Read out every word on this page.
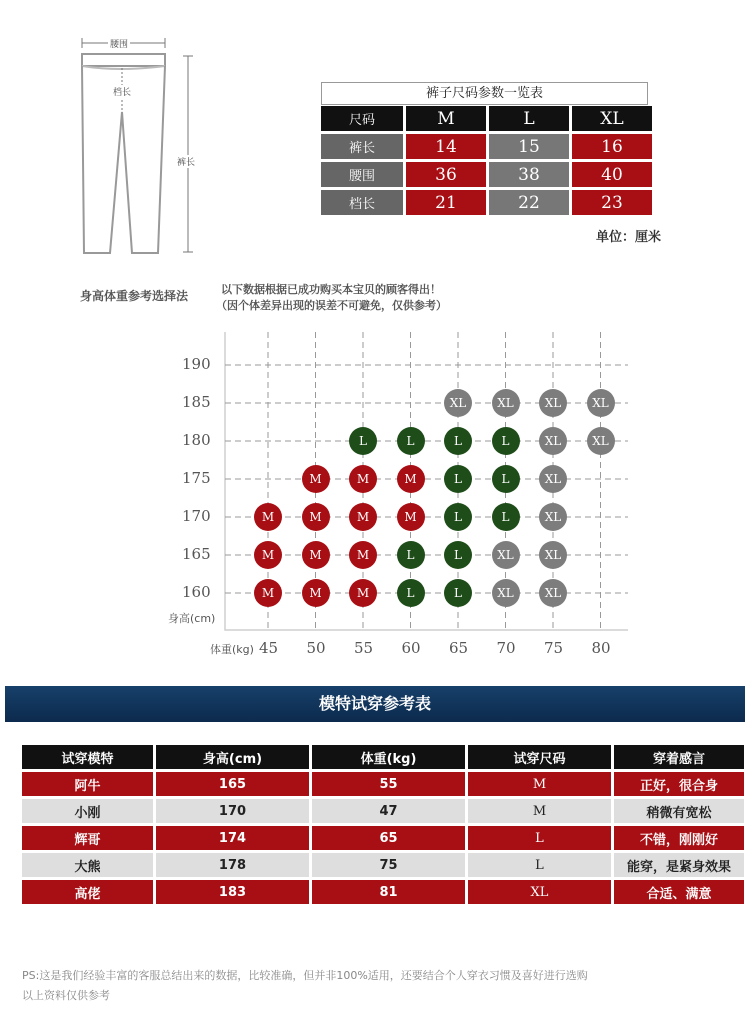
腰围
档长
裤长
裤子尺码参数一览表
尺码	M	L	XL
裤长	14	15	16
腰围	36	38	40
档长	21	22	23
单位：厘米
身高体重参考选择法	以下数据根据已成功购买本宝贝的顾客得出！
（因个体差异出现的误差不可避免，仅供参考）
190
185
180
175
170
165
160
45 50 55 60 65 70 75 80
XL	XL	XL	XL
L	L	L	L	XL	XL
M	M	M	L	L	XL
M	M	M	M	L	L	XL
M	M	M	L	L	XL	XL
M	M	M	L	L	XL	XL
身高(cm)
体重(kg)
模特试穿参考表
试穿模特		身高(cm)		体重(kg)		试穿尺码		穿着感言
阿牛		165		55		M		正好，很合身
小刚		170		47		M		稍微有宽松
辉哥		174		65		L		不错，刚刚好
大熊		178		75		L		能穿，是紧身效果
高佬		183		81		XL		合适、满意
PS:这是我们经验丰富的客服总结出来的数据，比较准确，但并非100%适用，还要结合个人穿衣习惯及喜好进行选购
以上资料仅供参考
